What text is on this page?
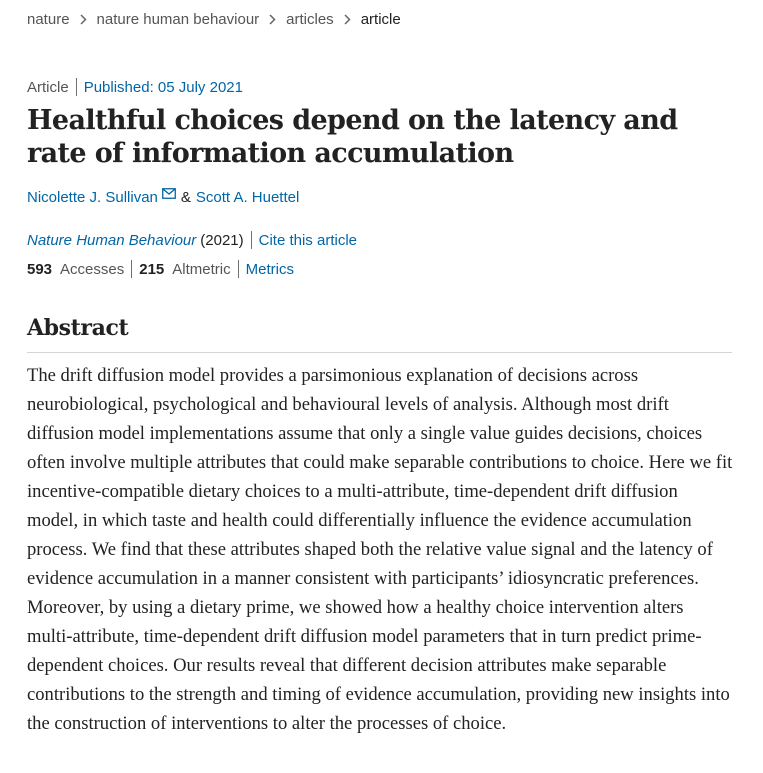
nature nature human behaviour articles article
Article Published: 05 July 2021
Healthful choices depend on the latency and rate of information accumulation
Nicolette J. Sullivan & Scott A. Huettel
Nature Human Behaviour (2021) Cite this article
593 Accesses 215 Altmetric Metrics
Abstract

The drift diffusion model provides a parsimonious explanation of decisions across neurobiological, psychological and behavioural levels of analysis. Although most drift diffusion model implementations assume that only a single value guides decisions, choices often involve multiple attributes that could make separable contributions to choice. Here we fit incentive-compatible dietary choices to a multi-attribute, time-dependent drift diffusion model, in which taste and health could differentially influence the evidence accumulation process. We find that these attributes shaped both the relative value signal and the latency of evidence accumulation in a manner consistent with participants’ idiosyncratic preferences. Moreover, by using a dietary prime, we showed how a healthy choice intervention alters multi-attribute, time-dependent drift diffusion model parameters that in turn predict prime-dependent choices. Our results reveal that different decision attributes make separable contributions to the strength and timing of evidence accumulation, providing new insights into the construction of interventions to alter the processes of choice.
